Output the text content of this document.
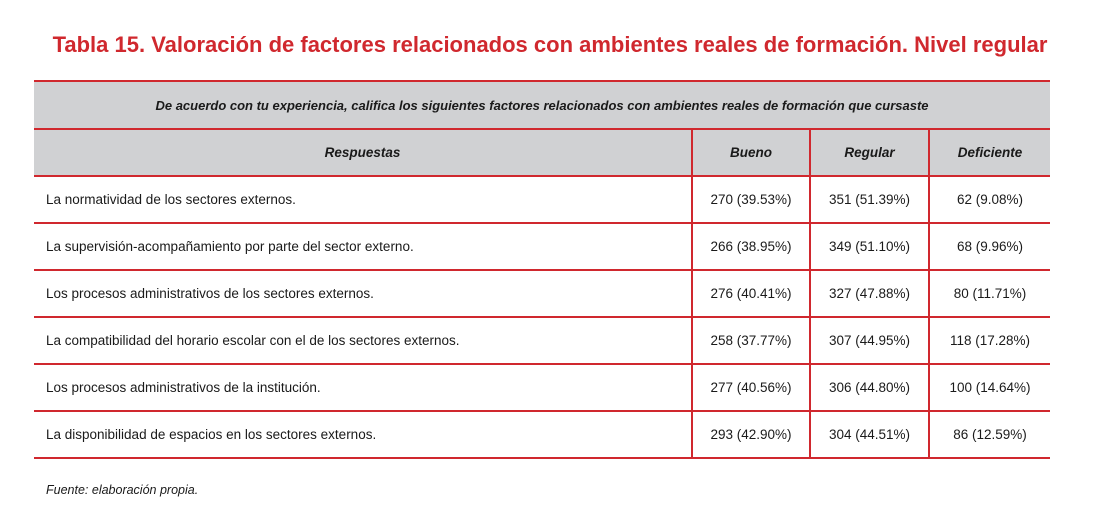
Tabla 15. Valoración de factores relacionados con ambientes reales de formación. Nivel regular
De acuerdo con tu experiencia, califica los siguientes factores relacionados con ambientes reales de formación que cursaste			
Respuestas	Bueno	Regular	Deficiente
La normatividad de los sectores externos.	270 (39.53%)	351 (51.39%)	62 (9.08%)
La supervisión-acompañamiento por parte del sector externo.	266 (38.95%)	349 (51.10%)	68 (9.96%)
Los procesos administrativos de los sectores externos.	276 (40.41%)	327 (47.88%)	80 (11.71%)
La compatibilidad del horario escolar con el de los sectores externos.	258 (37.77%)	307 (44.95%)	118 (17.28%)
Los procesos administrativos de la institución.	277 (40.56%)	306 (44.80%)	100 (14.64%)
La disponibilidad de espacios en los sectores externos.	293 (42.90%)	304 (44.51%)	86 (12.59%)
Fuente: elaboración propia.
